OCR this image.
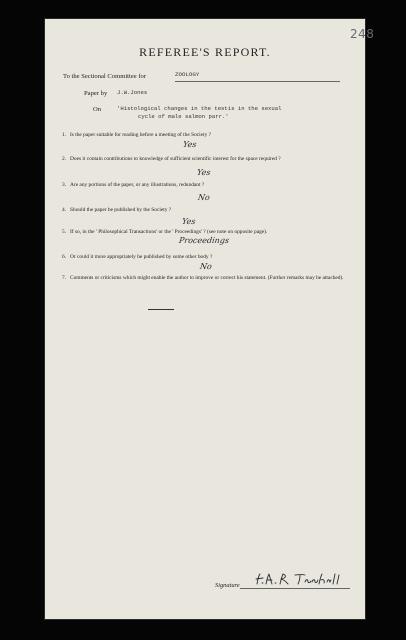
248
REFEREE'S REPORT.
To the Sectional Committee for	ZOOLOGY
Paper by J.W.Jones
On	'Histological changes in the testis in the sexual
cycle of male salmon parr.'
1. Is the paper suitable for reading before a meeting of the Society ?
Yes
2. Does it contain contributions to knowledge of sufficient scientific interest for the space required ?
Yes
3. Are any portions of the paper, or any illustrations, redundant ?
No
4. Should the paper be published by the Society ?
Yes
5. If so, in the ' Philosophical Transactions' or the ' Proceedings' ? (see note on opposite page).
Proceedings
6. Or could it more appropriately be published by some other body ?
No
7. Comments or criticisms which might enable the author to improve or correct his statement. (Further remarks may be attached).
Signature
